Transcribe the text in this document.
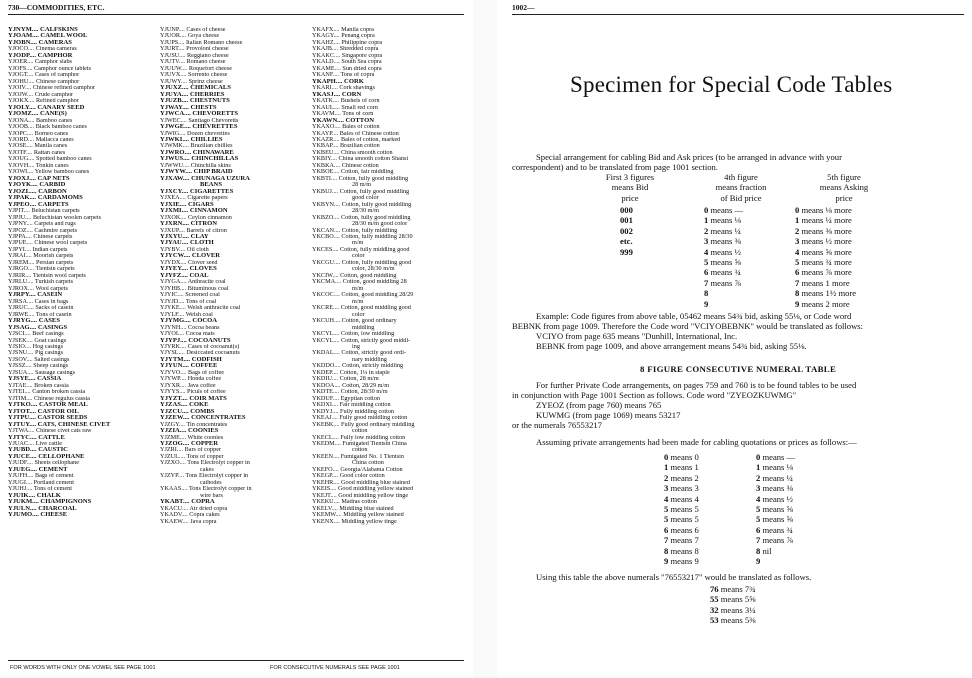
730—COMMODITIES, ETC.
YJNYM.... CALFSKINS
YJOAM.... CAMEL WOOL
YJOBN.... CAMERAS
YJOCO.... Cinema cameras
YJODP.... CAMPHOR
YJOER.... Camphor slabs
YJOFS.... Camphor ounce tablets
YJOGT.... Cases of camphor
YJOHU.... Chinese camphor
YJOIV.... Chinese refined camphor
YJOJW.... Crude camphor
YJOKX.... Refined camphor
YJOLY.... CANARY SEED
YJOMZ.... CANE(S)
YJONA.... Bamboo canes
YJOOB.... Black bamboo canes
YJOPC.... Borneo canes
YJORD.... Mallacca canes
YJOSE.... Manila canes
YJOTF.... Rattan canes
YJOUG.... Spotted bamboo canes
YJOVH.... Tonkin canes
YJOWI.... Yellow bamboo canes
YJOXJ.... CAP NETS
YJOYK.... CARBID
YJOZL.... CARBON
YJPAK.... CARDAMOMS
YJPEO.... CARPETS
YJPIT.... Beluchistan carpets
YJPJU.... Beluchistan woolen carpets
YJPNY.... Carpets and rugs
YJPOZ.... Cashmire carpets
YJPPA.... Chinese carpets
YJPUE.... Chinese wool carpets
YJPYI.... Indian carpets
YJRAI.... Moorish carpets
YJREM.... Persian carpets
YJRGO.... Tientsin carpets
YJRIR.... Tientsin wool carpets
YJRLU.... Turkish carpets
YJROX.... Wool carpets
YJRPY.... CASEIN
YJRSA.... Cases in bags
YJRUC.... Sacks of casein
YJRWE.... Tons of casein
YJRYG.... CASES
YJSAG.... CASINGS
YJSCI.... Beef casings
YJSEK.... Goat casings
YJSIO.... Hog casings
YJSNU.... Pig casings
YJSOV.... Salted casings
YJSSZ.... Sheep casings
YJSUA.... Sausage casings
YJSYE.... CASSIA
YJTAE.... Broken cassia
YJTEI.... Canton broken cassia
YJTIM.... Chinese regulus cassia
YJTKO.... CASTOR MEAL
YJTOT.... CASTOR OIL
YJTPU.... CASTOR SEEDS
YJTUY.... CATS, CHINESE CIVET
YJTWA.... Chinese civet cats raw
YJTYC.... CATTLE
YJUAC.... Live cattle
YJUBD.... CAUSTIC
YJUCE.... CELLOPHANE
YJUDF.... Sheets cellophane
YJUEG.... CEMENT
YJUFH.... Bags of cement
YJUGI.... Portland cement
YJUHJ.... Tons of cement
YJUIK.... CHALK
YJUKM.... CHAMPIGNONS
YJULN.... CHARCOAL
YJUMO.... CHEESE
YJUNP.... Cases of cheese
YJUOR.... Goya cheese
YJUPS.... Italian Romano cheese
YJURT.... Provoloni cheese
YJUSU.... Reggiano cheese
YJUTV.... Romano cheese
YJUUW.... Roquefort cheese
YJUVX.... Sorrento cheese
YJUWY.... Sprinz cheese
YJUXZ.... CHEMICALS
YJUYA.... CHERRIES
YJUZB.... CHESTNUTS
YJWAY.... CHESTS
YJWCA.... CHEVORETTS
YJWEC.... Santiago Chevoretts
YJWGE.... CHEVRETTES
YJWIG.... Dozen chevrettes
YJWKI.... CHILLIES
YJWMK.... Brazilian chillies
YJWRO.... CHINAWARE
YJWUS.... CHINCHILLAS
YJWWU.... Chinchilla skins
YJWYW.... CHIP BRAID
YJXAW.... CHUNAGA UZURA
BEANS
YJXCY.... CIGARETTES
YJXEA.... Cigarette papers
YJXIE.... CIGARS
YJXMI.... CINNAMON
YJXOK.... Ceylon cinnamon
YJXRN.... CITRON
YJXUP.... Barrels of citron
YJXYU.... CLAY
YJYAU.... CLOTH
YJYBV.... Oil cloth
YJYCW.... CLOVER
YJYDX.... Clover seed
YJYEY.... CLOVES
YJYFZ.... COAL
YJYGA.... Anthracite coal
YJYHB.... Bituminous coal
YJYIC.... Screened coal
YJYJD.... Tons of coal
YJYKE.... Welsh anthracite coal
YJYLF.... Welsh coal
YJYMG.... COCOA
YJYNH.... Cocoa beans
YJYOI.... Cocoa mats
YJYPJ.... COCOANUTS
YJYRK.... Cases of cocoanut(s)
YJYSL.... Desiccated cocoanuts
YJYTM.... CODFISH
YJYUN.... COFFEE
YJYVO.... Bags of coffee
YJYWP.... Honda coffee
YJYXR.... Java coffee
YJYYS.... Piculs of coffee
YJYZT.... COIR MATS
YJZAS.... COKE
YJZCU.... COMBS
YJZEW.... CONCENTRATES
YJZGY.... Tin concentrates
YJZIA.... COONIES
YJZME.... White coonies
YJZOG.... COPPER
YJZRI.... Bars of copper
YJZUL.... Tons of copper
YJZXO.... Tons Electrolyt copper in
cakes
YJZYP.... Tons Electrolyt copper in
cathodes
YKAAS.... Tons Electrolyt copper in
wire bars
YKABT.... COPRA
YKACU.... Air dried copra
YKADV.... Copra cakes
YKAEW.... Java copra
YKAFX.... Manila copra
YKAGY.... Penang copra
YKAHZ.... Philippine copra
YKAJB.... Shredded copra
YKAKC.... Singapore copra
YKALD.... South Sea copra
YKAME.... Sun dried copra
YKANF.... Tons of copra
YKAPH.... CORK
YKARI.... Cork shavings
YKASJ.... CORN
YKATK.... Bushels of corn
YKAUL.... Small red corn
YKAVM.... Tons of corn
YKAWN.... COTTON
YKAXO.... Bales of cotton
YKAYP.... Bales of Chinese cotton
YKAZR.... Bales of cotton, marked
YKBAP.... Brazilian cotton
YKBEU.... China smooth cotton
YKBIY.... China smooth cotton Shansi
YKBKA.... Chinese cotton
YKBOE.... Cotton, fair middling
YKBTI.... Cotton, fully good middling
28 m/m
YKBUJ.... Cotton, fully good middling
good color
YKBYN.... Cotton, fully good middling
28/30 m/m
YKBZO.... Cotton, fully good middling
28/30 m/m good color
YKCAN.... Cotton, fully middling
YKCBO.... Cotton, fully middling 28/30
m/m
YKCES.... Cotton, fully middling good
color
YKCGU.... Cotton, fully middling good
color, 28/30 m/m
YKCIW.... Cotton, good middling
YKCMA.... Cotton, good middling 28
m/m
YKCOC.... Cotton, good middling 28/29
m/m
YKCRE.... Cotton, good middling good
color
YKCUH.... Cotton, good ordinary
middling
YKCYL.... Cotton, low middling
YKCYL.... Cotton, strictly good middl-
ing
YKDAL.... Cotton, strictly good ordi-
nary middling
YKDDO.... Cotton, strictly middling
YKDEP.... Cotton, 1¼ in staple
YKDIU.... Cotton, 28 m/m
YKDOA.... Cotton, 28/29 m/m
YKDTE.... Cotton, 28/30 m/m
YKDUF.... Egyptian cotton
YKDXI.... Fair middling cotton
YKDYJ.... Fully middling cotton
YKEAJ.... Fully good middling cotton
YKEBK.... Fully good ordinary middling
cotton
YKECL.... Fully low middling cotton
YKEDM.... Fumigated Tientsin China
cotton
YKEEN.... Fumigated No. 1 Tientsin
China cotton
YKEFO.... Georgia/Alabama Cotton
YKEGP.... Good color cotton
YKEHR.... Good middling blue stained
YKEIS.... Good middling yellow stained
YKEJT.... Good middling yellow tinge
YKEKU.... Madras cotton
YKELV.... Middling blue stained
YKEMW.... Middling yellow stained
YKENX.... Middling yellow tinge
FOR WORDS WITH ONLY ONE VOWEL SEE PAGE 1001	FOR CONSECUTIVE NUMERALS SEE PAGE 1001
1002—
Specimen for Special Code Tables
Special arrangement for cabling Bid and Ask prices (to be arranged in advance with your
correspondent) and to be translated from page 1001 section.
First 3 figures
means Bid
price
4th figure
means fraction
of Bid price
5th figure
means Asking
price
000
001
002
etc.
999
0 means —
1 means ⅛
2 means ¼
3 means ⅜
4 means ½
5 means ⅝
6 means ¾
7 means ⅞
8
9
0 means ⅛ more
1 means ¼ more
2 means ⅜ more
3 means ½ more
4 means ⅝ more
5 means ¾ more
6 means ⅞ more
7 means 1 more
8 means 1½ more
9 means 2 more
Example: Code figures from above table, 05462 means 54¾ bid, asking 55⅛, or Code word
BEBNK from page 1009. Therefore the Code word "VCIYOBEBNK" would be translated as follows:
VCIYO from page 635 means "Dunhill, International, Inc.
BEBNK from page 1009, and above arrangement means 54¾ bid, asking 55⅛.
8 FIGURE CONSECUTIVE NUMERAL TABLE
For further Private Code arrangements, on pages 759 and 760 is to be found tables to be used
in conjunction with Page 1001 Section as follows. Code word "ZYEOZKUWMG"
ZYEOZ (from page 760) means 765
KUWMG (from page 1069) means 53217
or the numerals 76553217
Assuming private arrangements had been made for cabling quotations or prices as follows:—
0 means 0
1 means 1
2 means 2
3 means 3
4 means 4
5 means 5
5 means 5
6 means 6
7 means 7
8 means 8
9 means 9
0 means —
1 means ⅛
2 means ¼
3 means ⅜
4 means ½
5 means ⅝
5 means ⅝
6 means ¾
7 means ⅞
8 nil
9
Using this table the above numerals "76553217" would be translated as follows.
76 means 7¾
55 means 5⅝
32 means 3¼
53 means 5⅜
